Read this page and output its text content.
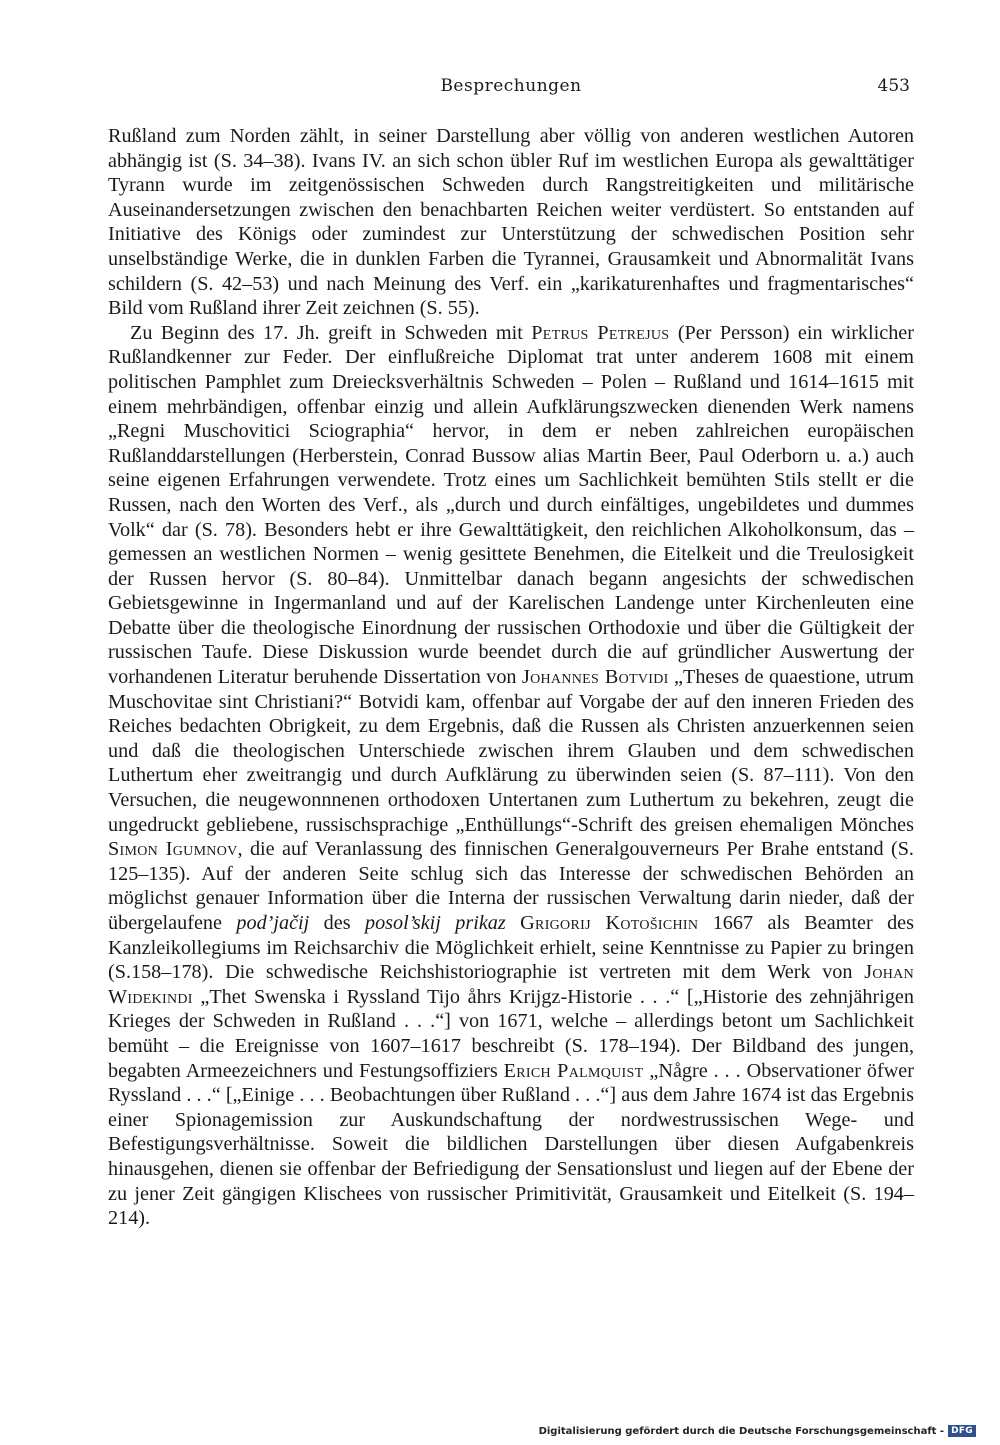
Besprechungen	453

Rußland zum Norden zählt, in seiner Darstellung aber völlig von anderen westlichen Autoren abhängig ist (S. 34–38). Ivans IV. an sich schon übler Ruf im westlichen Europa als gewalttätiger Tyrann wurde im zeitgenössischen Schweden durch Rangstreitigkeiten und militärische Auseinandersetzungen zwischen den benachbarten Reichen weiter verdüstert. So entstanden auf Initiative des Königs oder zumindest zur Unterstützung der schwedischen Position sehr unselbständige Werke, die in dunklen Farben die Tyrannei, Grausamkeit und Abnormalität Ivans schildern (S. 42–53) und nach Meinung des Verf. ein „karikaturenhaftes und fragmentarisches“ Bild vom Rußland ihrer Zeit zeichnen (S. 55).

Zu Beginn des 17. Jh. greift in Schweden mit Petrus Petrejus (Per Persson) ein wirklicher Rußlandkenner zur Feder. Der einflußreiche Diplomat trat unter anderem 1608 mit einem politischen Pamphlet zum Dreiecksverhältnis Schweden – Polen – Rußland und 1614–1615 mit einem mehrbändigen, offenbar einzig und allein Aufklärungszwecken dienenden Werk namens „Regni Muschovitici Sciographia“ hervor, in dem er neben zahlreichen europäischen Rußlanddarstellungen (Herberstein, Conrad Bussow alias Martin Beer, Paul Oderborn u. a.) auch seine eigenen Erfahrungen verwendete. Trotz eines um Sachlichkeit bemühten Stils stellt er die Russen, nach den Worten des Verf., als „durch und durch einfältiges, ungebildetes und dummes Volk“ dar (S. 78). Besonders hebt er ihre Gewalttätigkeit, den reichlichen Alkoholkonsum, das – gemessen an westlichen Normen – wenig gesittete Benehmen, die Eitelkeit und die Treulosigkeit der Russen hervor (S. 80–84). Unmittelbar danach begann angesichts der schwedischen Gebietsgewinne in Ingermanland und auf der Karelischen Landenge unter Kirchenleuten eine Debatte über die theologische Einordnung der russischen Orthodoxie und über die Gültigkeit der russischen Taufe. Diese Diskussion wurde beendet durch die auf gründlicher Auswertung der vorhandenen Literatur beruhende Dissertation von Johannes Botvidi „Theses de quaestione, utrum Muschovitae sint Christiani?“ Botvidi kam, offenbar auf Vorgabe der auf den inneren Frieden des Reiches bedachten Obrigkeit, zu dem Ergebnis, daß die Russen als Christen anzuerkennen seien und daß die theologischen Unterschiede zwischen ihrem Glauben und dem schwedischen Luthertum eher zweitrangig und durch Aufklärung zu überwinden seien (S. 87–111). Von den Versuchen, die neugewonnnenen orthodoxen Untertanen zum Luthertum zu bekehren, zeugt die ungedruckt gebliebene, russischsprachige „Enthüllungs“-Schrift des greisen ehemaligen Mönches Simon Igumnov, die auf Veranlassung des finnischen Generalgouverneurs Per Brahe entstand (S. 125–135). Auf der anderen Seite schlug sich das Interesse der schwedischen Behörden an möglichst genauer Information über die Interna der russischen Verwaltung darin nieder, daß der übergelaufene pod’jačij des posol’skij prikaz Grigorij Kotošichin 1667 als Beamter des Kanzleikollegiums im Reichsarchiv die Möglichkeit erhielt, seine Kenntnisse zu Papier zu bringen (S.158–178). Die schwedische Reichshistoriographie ist vertreten mit dem Werk von Johan Widekindi „Thet Swenska i Ryssland Tijo åhrs Krijgz-Historie . . .“ [„Historie des zehnjährigen Krieges der Schweden in Rußland . . .“] von 1671, welche – allerdings betont um Sachlichkeit bemüht – die Ereignisse von 1607–1617 beschreibt (S. 178–194). Der Bildband des jungen, begabten Armeezeichners und Festungsoffiziers Erich Palmquist „Någre . . . Observationer öfwer Ryssland . . .“ [„Einige . . . Beobachtungen über Rußland . . .“] aus dem Jahre 1674 ist das Ergebnis einer Spionagemission zur Auskundschaftung der nordwestrussischen Wege- und Befestigungsverhältnisse. Soweit die bildlichen Darstellungen über diesen Aufgabenkreis hinausgehen, dienen sie offenbar der Befriedigung der Sensationslust und liegen auf der Ebene der zu jener Zeit gängigen Klischees von russischer Primitivität, Grausamkeit und Eitelkeit (S. 194–214).

Digitalisierung gefördert durch die Deutsche Forschungsgemeinschaft - DFG
